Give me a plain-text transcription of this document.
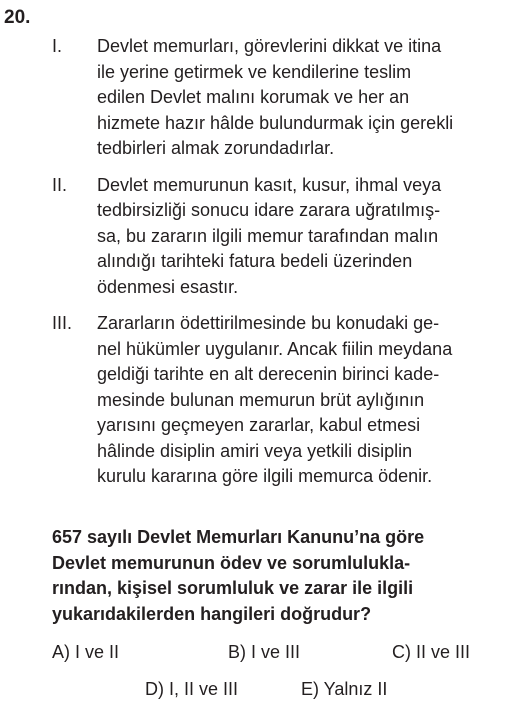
20.
I. Devlet memurları, görevlerini dikkat ve itina
ile yerine getirmek ve kendilerine teslim
edilen Devlet malını korumak ve her an
hizmete hazır hâlde bulundurmak için gerekli
tedbirleri almak zorundadırlar.
II. Devlet memurunun kasıt, kusur, ihmal veya
tedbirsizliği sonucu idare zarara uğratılmış-
sa, bu zararın ilgili memur tarafından malın
alındığı tarihteki fatura bedeli üzerinden
ödenmesi esastır.
III. Zararların ödettirilmesinde bu konudaki ge-
nel hükümler uygulanır. Ancak fiilin meydana
geldiği tarihte en alt derecenin birinci kade-
mesinde bulunan memurun brüt aylığının
yarısını geçmeyen zararlar, kabul etmesi
hâlinde disiplin amiri veya yetkili disiplin
kurulu kararına göre ilgili memurca ödenir.
657 sayılı Devlet Memurları Kanunu’na göre
Devlet memurunun ödev ve sorumlulukla-
rından, kişisel sorumluluk ve zarar ile ilgili
yukarıdakilerden hangileri doğrudur?
A) I ve II	B) I ve III	C) II ve III
D) I, II ve III	E) Yalnız II
